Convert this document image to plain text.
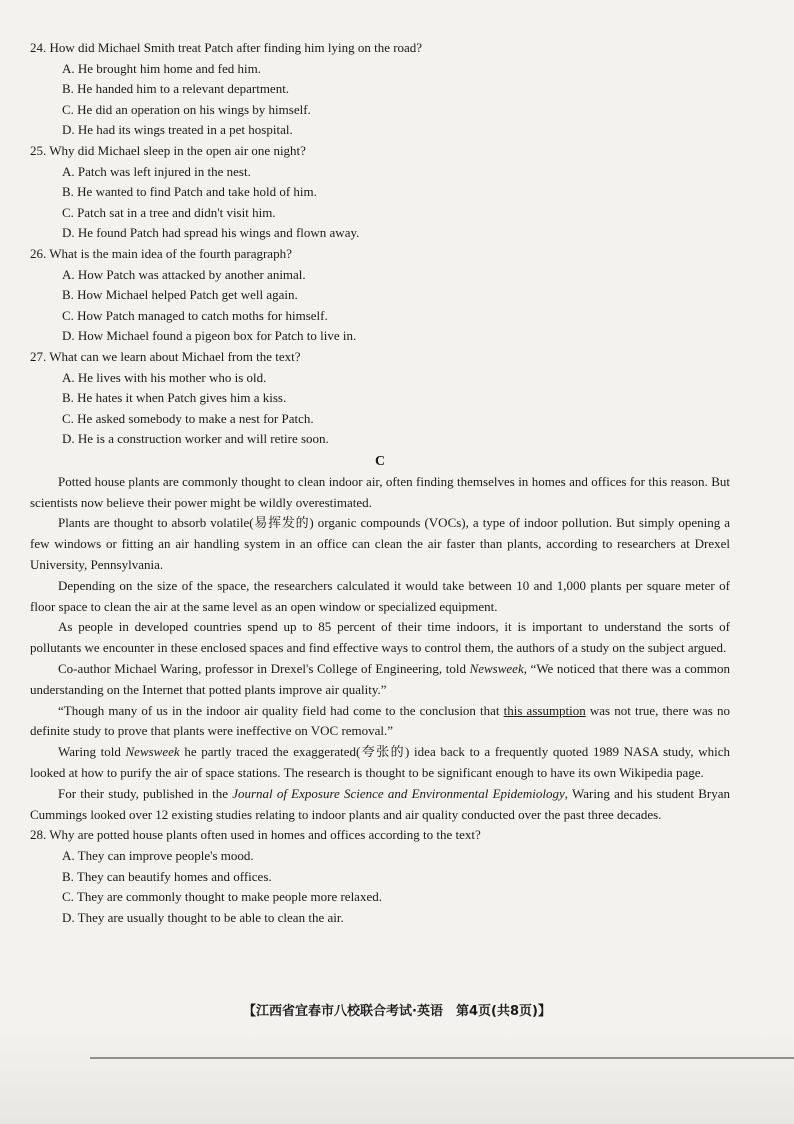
24. How did Michael Smith treat Patch after finding him lying on the road?

A. He brought him home and fed him.

B. He handed him to a relevant department.

C. He did an operation on his wings by himself.

D. He had its wings treated in a pet hospital.

25. Why did Michael sleep in the open air one night?

A. Patch was left injured in the nest.

B. He wanted to find Patch and take hold of him.

C. Patch sat in a tree and didn't visit him.

D. He found Patch had spread his wings and flown away.

26. What is the main idea of the fourth paragraph?

A. How Patch was attacked by another animal.

B. How Michael helped Patch get well again.

C. How Patch managed to catch moths for himself.

D. How Michael found a pigeon box for Patch to live in.

27. What can we learn about Michael from the text?

A. He lives with his mother who is old.

B. He hates it when Patch gives him a kiss.

C. He asked somebody to make a nest for Patch.

D. He is a construction worker and will retire soon.

C

Potted house plants are commonly thought to clean indoor air, often finding themselves in homes and offices for this reason. But scientists now believe their power might be wildly overestimated.

Plants are thought to absorb volatile(易挥发的) organic compounds (VOCs), a type of indoor pollution. But simply opening a few windows or fitting an air handling system in an office can clean the air faster than plants, according to researchers at Drexel University, Pennsylvania.

Depending on the size of the space, the researchers calculated it would take between 10 and 1,000 plants per square meter of floor space to clean the air at the same level as an open window or specialized equipment.

As people in developed countries spend up to 85 percent of their time indoors, it is important to understand the sorts of pollutants we encounter in these enclosed spaces and find effective ways to control them, the authors of a study on the subject argued.

Co-author Michael Waring, professor in Drexel's College of Engineering, told Newsweek, “We noticed that there was a common understanding on the Internet that potted plants improve air quality.”

“Though many of us in the indoor air quality field had come to the conclusion that this assumption was not true, there was no definite study to prove that plants were ineffective on VOC removal.”

Waring told Newsweek he partly traced the exaggerated(夸张的) idea back to a frequently quoted 1989 NASA study, which looked at how to purify the air of space stations. The research is thought to be significant enough to have its own Wikipedia page.

For their study, published in the Journal of Exposure Science and Environmental Epidemiology, Waring and his student Bryan Cummings looked over 12 existing studies relating to indoor plants and air quality conducted over the past three decades.

28. Why are potted house plants often used in homes and offices according to the text?

A. They can improve people's mood.

B. They can beautify homes and offices.

C. They are commonly thought to make people more relaxed.

D. They are usually thought to be able to clean the air.

【江西省宜春市八校联合考试·英语　第4页(共8页)】
